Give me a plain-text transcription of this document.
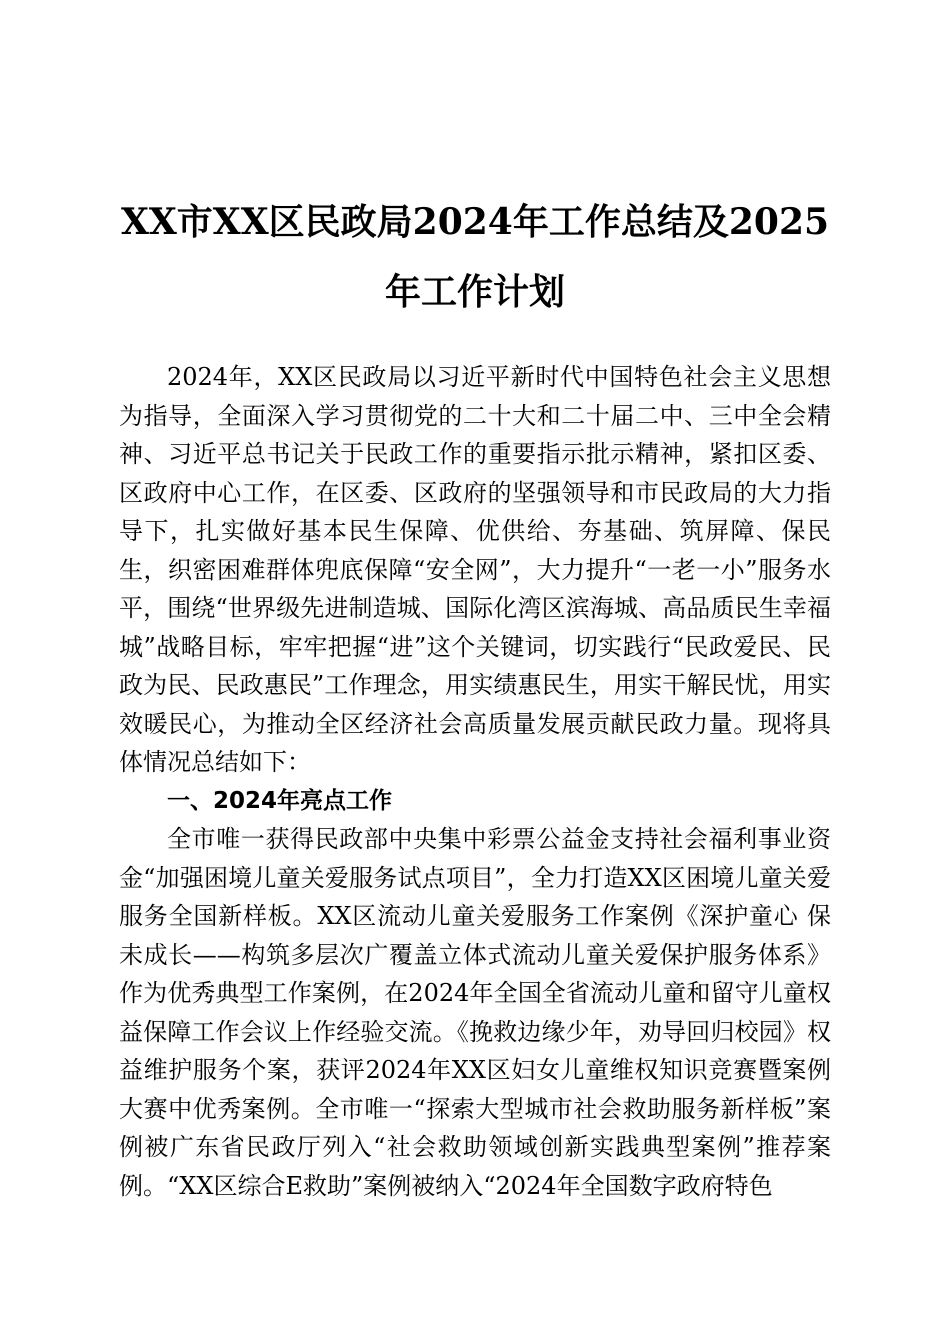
XX市XX区民政局2024年工作总结及2025
年工作计划

2024年，XX区民政局以习近平新时代中国特色社会主义思想为指导，全面深入学习贯彻党的二十大和二十届二中、三中全会精神、习近平总书记关于民政工作的重要指示批示精神，紧扣区委、区政府中心工作，在区委、区政府的坚强领导和市民政局的大力指导下，扎实做好基本民生保障、优供给、夯基础、筑屏障、保民生，织密困难群体兜底保障“安全网”，大力提升“一老一小”服务水平，围绕“世界级先进制造城、国际化湾区滨海城、高品质民生幸福城”战略目标，牢牢把握“进”这个关键词，切实践行“民政爱民、民政为民、民政惠民”工作理念，用实绩惠民生，用实干解民忧，用实效暖民心，为推动全区经济社会高质量发展贡献民政力量。现将具体情况总结如下：

一、2024年亮点工作

全市唯一获得民政部中央集中彩票公益金支持社会福利事业资金“加强困境儿童关爱服务试点项目”，全力打造XX区困境儿童关爱服务全国新样板。XX区流动儿童关爱服务工作案例《深护童心 保未成长——构筑多层次广覆盖立体式流动儿童关爱保护服务体系》作为优秀典型工作案例，在2024年全国全省流动儿童和留守儿童权益保障工作会议上作经验交流。《挽救边缘少年，劝导回归校园》权益维护服务个案，获评2024年XX区妇女儿童维权知识竞赛暨案例大赛中优秀案例。全市唯一“探索大型城市社会救助服务新样板”案例被广东省民政厅列入“社会救助领域创新实践典型案例”推荐案例。“XX区综合E救助”案例被纳入“2024年全国数字政府特色
